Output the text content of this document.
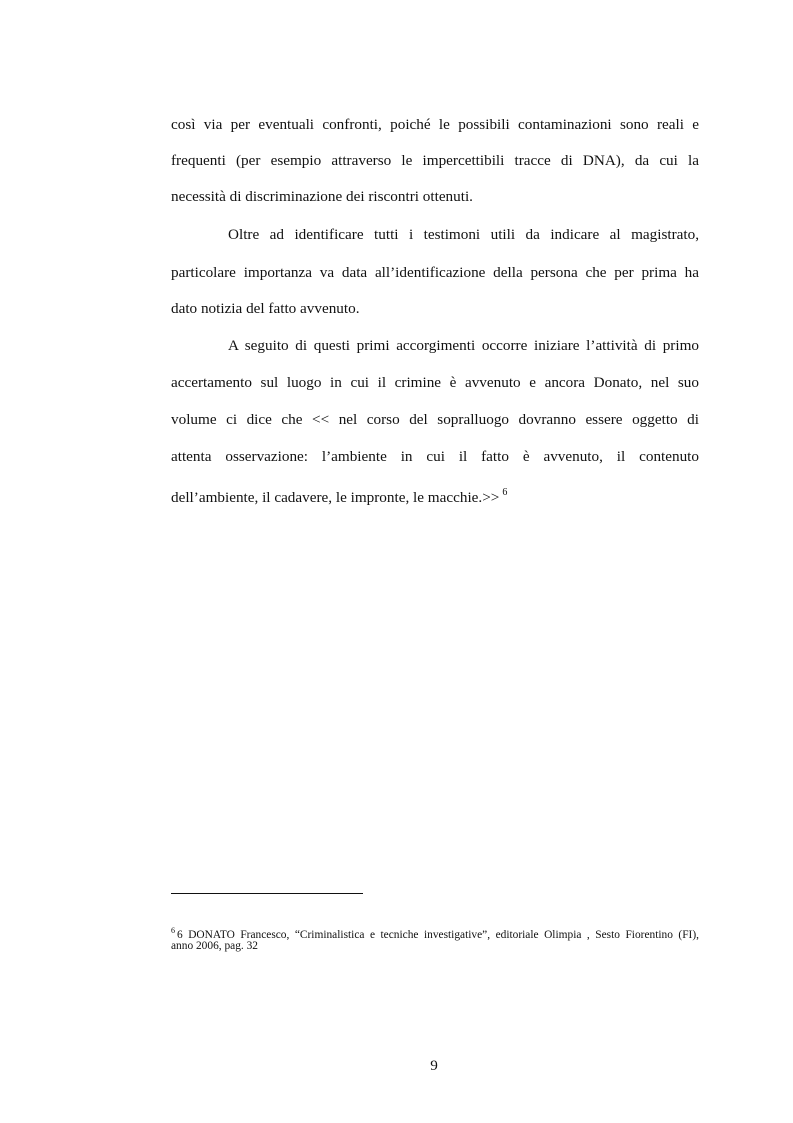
così via per eventuali confronti, poiché le possibili contaminazioni sono reali e
frequenti (per esempio attraverso le impercettibili tracce di DNA), da cui la
necessità di discriminazione dei riscontri ottenuti.
Oltre ad identificare tutti i testimoni utili da indicare al magistrato,
particolare importanza va data all’identificazione della persona che per prima ha
dato notizia del fatto avvenuto.
A seguito di questi primi accorgimenti occorre iniziare l’attività di primo
accertamento sul luogo in cui il crimine è avvenuto e ancora Donato, nel suo
volume ci dice che << nel corso del sopralluogo dovranno essere oggetto di
attenta osservazione: l’ambiente in cui il fatto è avvenuto, il contenuto
dell’ambiente, il cadavere, le impronte, le macchie.>> $^6$
$^6$ 6 DONATO Francesco, “Criminalistica e tecniche investigative”, editoriale Olimpia , Sesto Fiorentino (FI),
anno 2006, pag. 32
9
